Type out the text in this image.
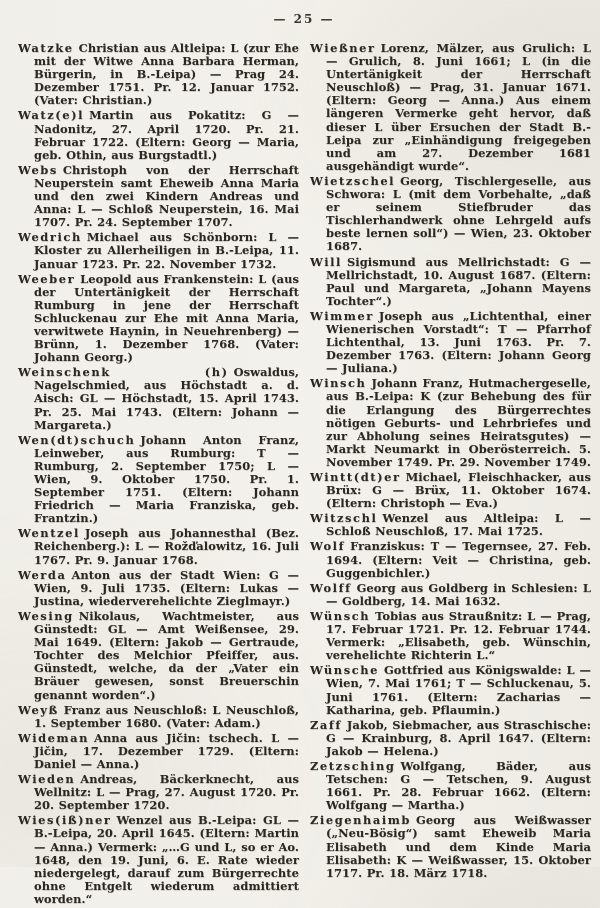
— 25 —

Watzke Christian aus Altleipa: L (zur Ehe mit der Witwe Anna Barbara Herman, Bürgerin, in B.-Leipa) — Prag 24. Dezember 1751. Pr. 12. Januar 1752. (Vater: Christian.)

Watz(e)l Martin aus Pokatitz: G — Nadonitz, 27. April 1720. Pr. 21. Februar 1722. (Eltern: Georg — Maria, geb. Othin, aus Burgstadtl.)

Webs Christoph von der Herrschaft Neuperstein samt Eheweib Anna Maria und den zwei Kindern Andreas und Anna: L — Schloß Neuperstein, 16. Mai 1707. Pr. 24. September 1707.

Wedrich Michael aus Schönborn: L — Kloster zu Allerheiligen in B.-Leipa, 11. Januar 1723. Pr. 22. November 1732.

Weeber Leopold aus Frankenstein: L (aus der Untertänigkeit der Herrschaft Rumburg in jene der Herrschaft Schluckenau zur Ehe mit Anna Maria, verwitwete Haynin, in Neuehrenberg) — Brünn, 1. Dezember 1768. (Vater: Johann Georg.)

Weinschenk (h) Oswaldus, Nagelschmied, aus Höchstadt a. d. Aisch: GL — Höchstadt, 15. April 1743. Pr. 25. Mai 1743. (Eltern: Johann — Margareta.)

Wen(dt)schuch Johann Anton Franz, Leinweber, aus Rumburg: T — Rumburg, 2. September 1750; L — Wien, 9. Oktober 1750. Pr. 1. September 1751. (Eltern: Johann Friedrich — Maria Franziska, geb. Frantzin.)

Wentzel Joseph aus Johannesthal (Bez. Reichenberg.): L — Rožďalowitz, 16. Juli 1767. Pr. 9. Januar 1768.

Werda Anton aus der Stadt Wien: G — Wien, 9. Juli 1735. (Eltern: Lukas — Justina, wiederverehelichte Zieglmayr.)

Wesing Nikolaus, Wachtmeister, aus Günstedt: GL — Amt Weißensee, 29. Mai 1649. (Eltern: Jakob — Gertraude, Tochter des Melchior Pfeiffer, aus. Günstedt, welche, da der „Vater ein Bräuer gewesen, sonst Breuerschin genannt worden“.)

Weyß Franz aus Neuschloß: L Neuschloß, 1. September 1680. (Vater: Adam.)

Wideman Anna aus Jičin: tschech. L — Jičin, 17. Dezember 1729. (Eltern: Daniel — Anna.)

Wieden Andreas, Bäckerknecht, aus Wellnitz: L — Prag, 27. August 1720. Pr. 20. September 1720.

Wies(iß)ner Wenzel aus B.-Leipa: GL — B.-Leipa, 20. April 1645. (Eltern: Martin — Anna.) Vermerk: „…G und L, so er Ao. 1648, den 19. Juni, 6. E. Rate wieder niedergelegt, darauf zum Bürgerrechte ohne Entgelt wiederum admittiert worden.“

Wießner Lorenz, Mälzer, aus Grulich: L — Grulich, 8. Juni 1661; L (in die Untertänigkeit der Herrschaft Neuschloß) — Prag, 31. Januar 1671. (Eltern: Georg — Anna.) Aus einem längeren Vermerke geht hervor, daß dieser L über Ersuchen der Stadt B.-Leipa zur „Einhändigung freigegeben und am 27. Dezember 1681 ausgehändigt wurde“.

Wietzschel Georg, Tischlergeselle, aus Schwora: L (mit dem Vorbehalte, „daß er seinem Stiefbruder das Tischlerhandwerk ohne Lehrgeld aufs beste lernen soll“) — Wien, 23. Oktober 1687.

Will Sigismund aus Mellrichstadt: G — Mellrichstadt, 10. August 1687. (Eltern: Paul und Margareta, „Johann Mayens Tochter“.)

Wimmer Joseph aus „Lichtenthal, einer Wienerischen Vorstadt“: T — Pfarrhof Lichtenthal, 13. Juni 1763. Pr. 7. Dezember 1763. (Eltern: Johann Georg — Juliana.)

Winsch Johann Franz, Hutmachergeselle, aus B.-Leipa: K (zur Behebung des für die Erlangung des Bürgerrechtes nötigen Geburts- und Lehrbriefes und zur Abholung seines Heiratsgutes) — Markt Neumarkt in Oberösterreich. 5. November 1749. Pr. 29. November 1749.

Wintt(dt)er Michael, Fleischhacker, aus Brüx: G — Brüx, 11. Oktober 1674. (Eltern: Christoph — Eva.)

Witzschl Wenzel aus Altleipa: L — Schloß Neuschloß, 17. Mai 1725.

Wolf Franziskus: T — Tegernsee, 27. Feb. 1694. (Eltern: Veit — Christina, geb. Guggenbichler.)

Wolff Georg aus Goldberg in Schlesien: L — Goldberg, 14. Mai 1632.

Wünsch Tobias aus Straußnitz: L — Prag, 17. Februar 1721. Pr. 12. Februar 1744. Vermerk: „Elisabeth, geb. Wünschin, verehelichte Richterin L.“

Wünsche Gottfried aus Königswalde: L — Wien, 7. Mai 1761; T — Schluckenau, 5. Juni 1761. (Eltern: Zacharias — Katharina, geb. Pflaumin.)

Zaff Jakob, Siebmacher, aus Straschische: G — Krainburg, 8. April 1647. (Eltern: Jakob — Helena.)

Zetzsching Wolfgang, Bäder, aus Tetschen: G — Tetschen, 9. August 1661. Pr. 28. Februar 1662. (Eltern: Wolfgang — Martha.)

Ziegenhaimb Georg aus Weißwasser („Neu-Bösig“) samt Eheweib Maria Elisabeth und dem Kinde Maria Elisabeth: K — Weißwasser, 15. Oktober 1717. Pr. 18. März 1718.
